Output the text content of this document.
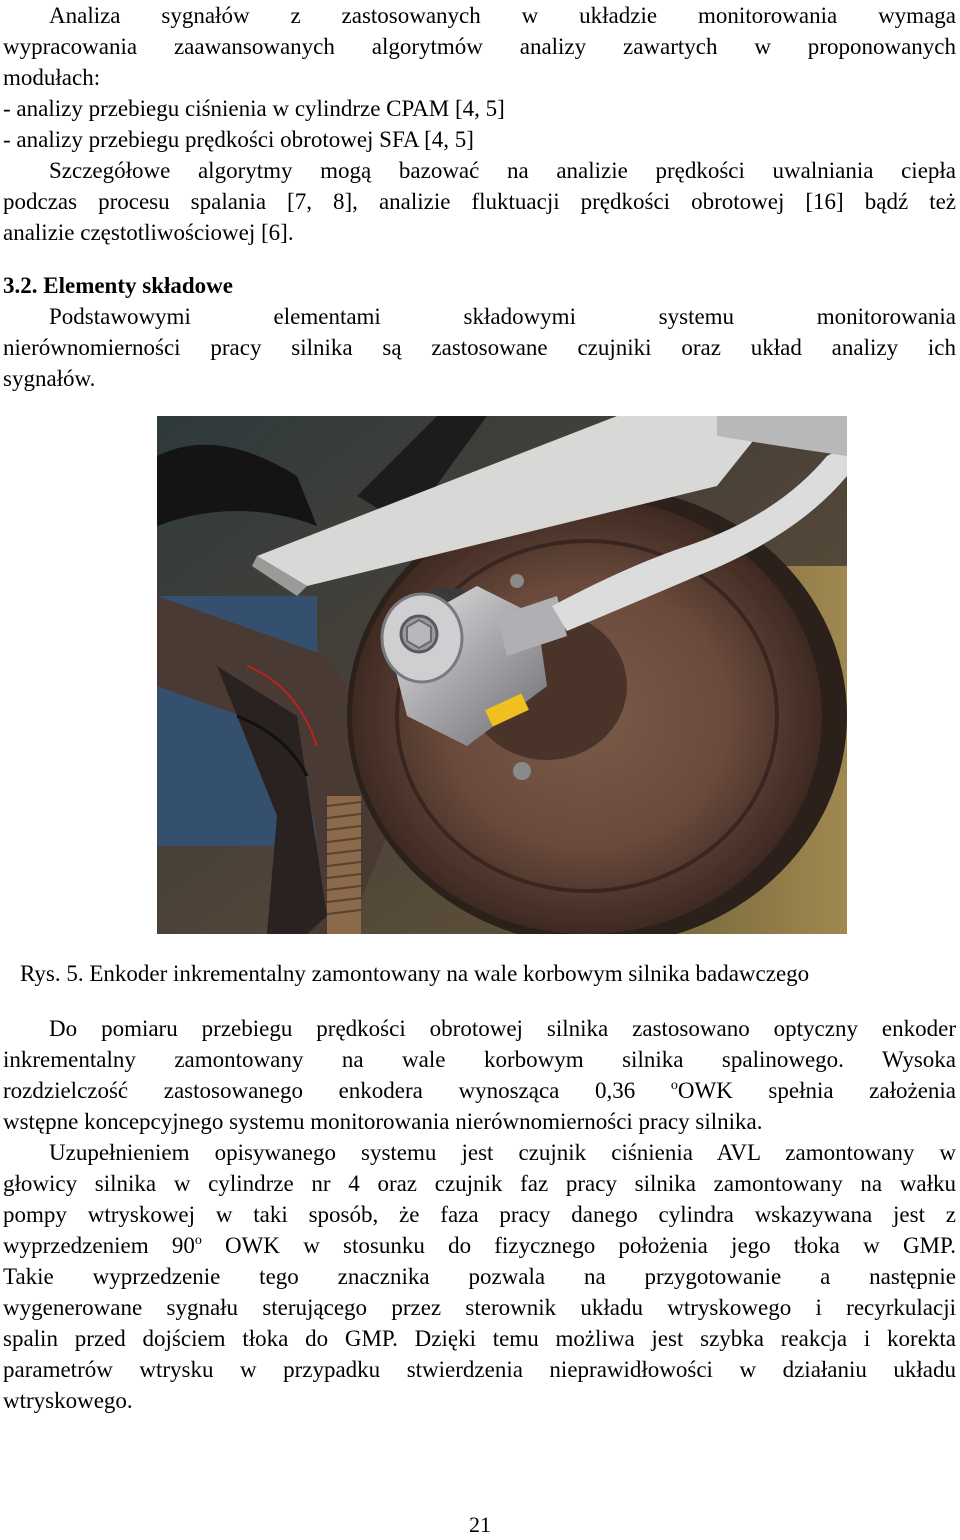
Analiza sygnałów z zastosowanych w układzie monitorowania wymaga
wypracowania zaawansowanych algorytmów analizy zawartych w proponowanych
modułach:
- analizy przebiegu ciśnienia w cylindrze CPAM [4, 5]
- analizy przebiegu prędkości obrotowej SFA [4, 5]
Szczegółowe algorytmy mogą bazować na analizie prędkości uwalniania ciepła
podczas procesu spalania [7, 8], analizie fluktuacji prędkości obrotowej [16] bądź też
analizie częstotliwościowej [6].
3.2. Elementy składowe
Podstawowymi elementami składowymi systemu monitorowania
nierównomierności pracy silnika są zastosowane czujniki oraz układ analizy ich
sygnałów.
Rys. 5. Enkoder inkrementalny zamontowany na wale korbowym silnika badawczego
Do pomiaru przebiegu prędkości obrotowej silnika zastosowano optyczny enkoder
inkrementalny zamontowany na wale korbowym silnika spalinowego. Wysoka
rozdzielczość zastosowanego enkodera wynosząca 0,36 $^o$OWK spełnia założenia
wstępne koncepcyjnego systemu monitorowania nierównomierności pracy silnika.
Uzupełnieniem opisywanego systemu jest czujnik ciśnienia AVL zamontowany w
głowicy silnika w cylindrze nr 4 oraz czujnik faz pracy silnika zamontowany na wałku
pompy wtryskowej w taki sposób, że faza pracy danego cylindra wskazywana jest z
wyprzedzeniem 90$^o$ OWK w stosunku do fizycznego położenia jego tłoka w GMP.
Takie wyprzedzenie tego znacznika pozwala na przygotowanie a następnie
wygenerowane sygnału sterującego przez sterownik układu wtryskowego i recyrkulacji
spalin przed dojściem tłoka do GMP. Dzięki temu możliwa jest szybka reakcja i korekta
parametrów wtrysku w przypadku stwierdzenia nieprawidłowości w działaniu układu
wtryskowego.
21
